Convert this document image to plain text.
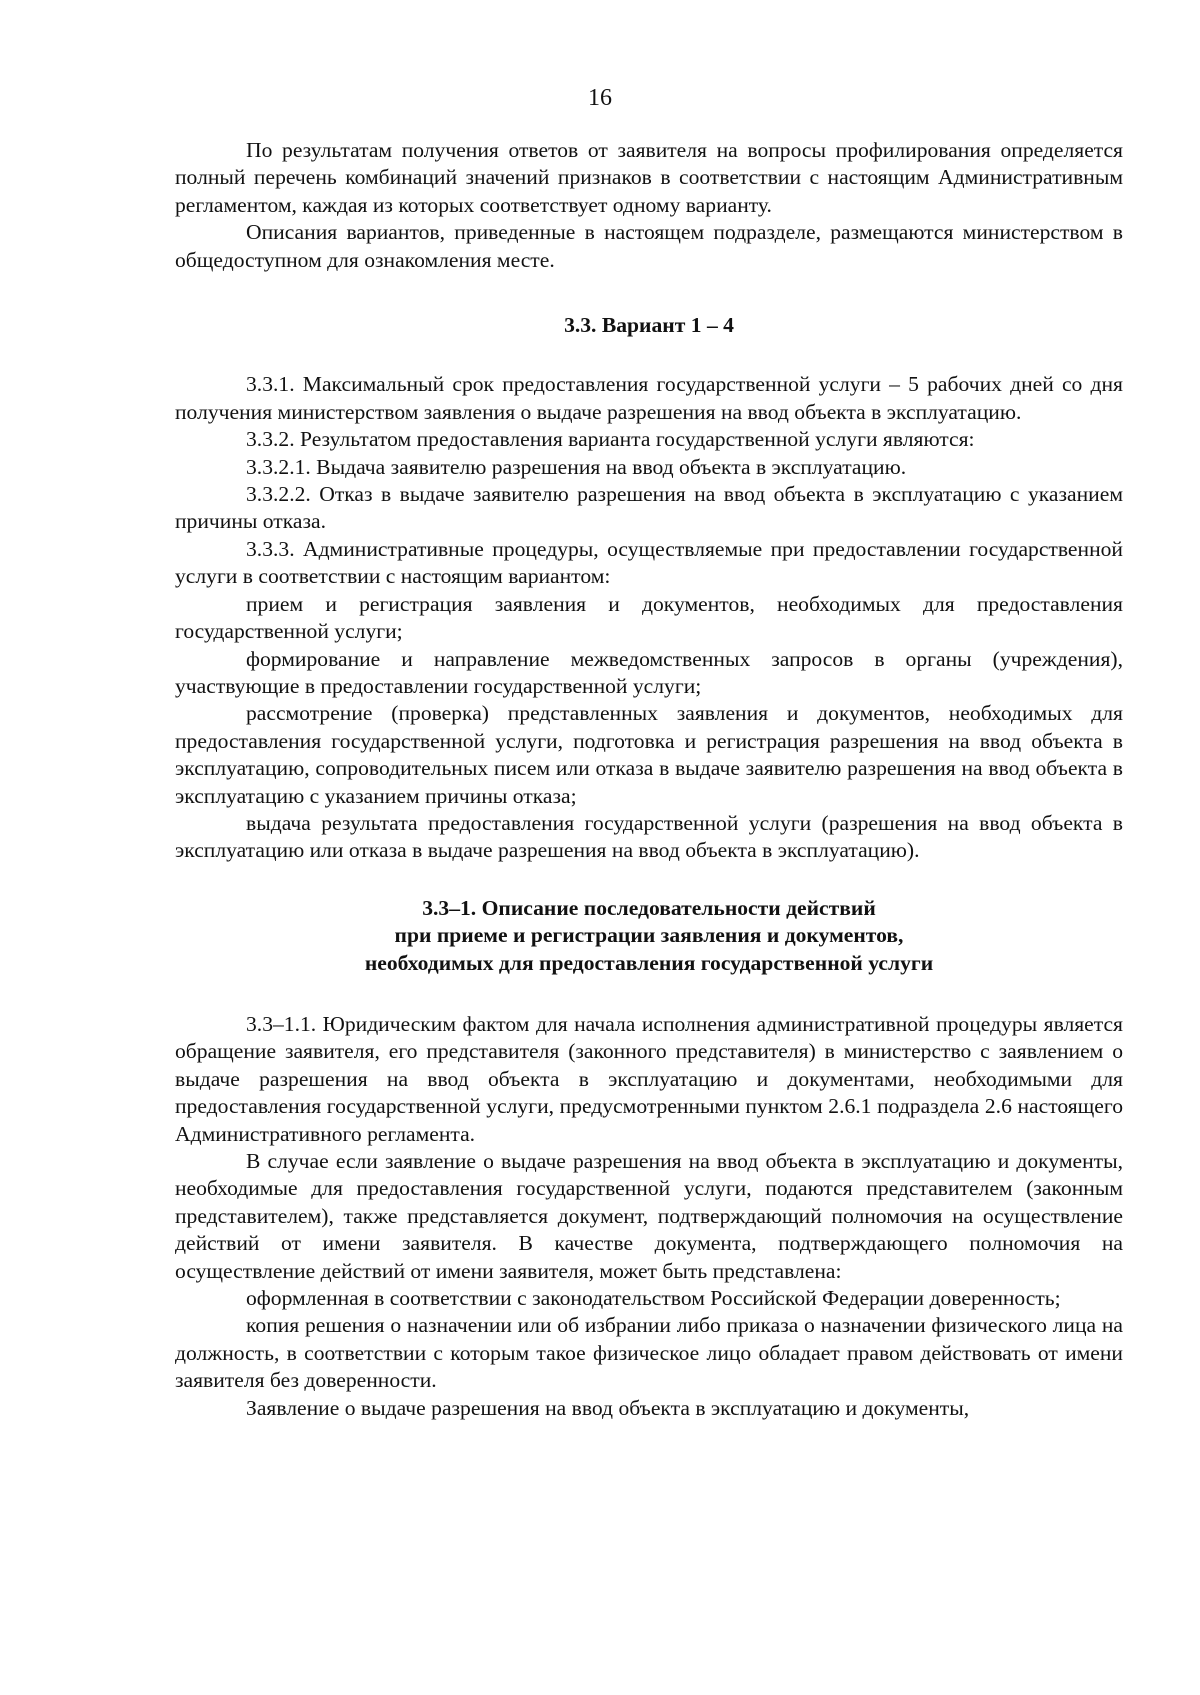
16

По результатам получения ответов от заявителя на вопросы профилирования определяется полный перечень комбинаций значений признаков в соответствии с настоящим Административным регламентом, каждая из которых соответствует одному варианту.

Описания вариантов, приведенные в настоящем подразделе, размещаются министерством в общедоступном для ознакомления месте.

3.3. Вариант 1 – 4

3.3.1. Максимальный срок предоставления государственной услуги – 5 рабочих дней со дня получения министерством заявления о выдаче разрешения на ввод объекта в эксплуатацию.

3.3.2. Результатом предоставления варианта государственной услуги являются:

3.3.2.1. Выдача заявителю разрешения на ввод объекта в эксплуатацию.

3.3.2.2. Отказ в выдаче заявителю разрешения на ввод объекта в эксплуатацию с указанием причины отказа.

3.3.3. Административные процедуры, осуществляемые при предоставлении государственной услуги в соответствии с настоящим вариантом:

прием и регистрация заявления и документов, необходимых для предоставления государственной услуги;

формирование и направление межведомственных запросов в органы (учреждения), участвующие в предоставлении государственной услуги;

рассмотрение (проверка) представленных заявления и документов, необходимых для предоставления государственной услуги, подготовка и регистрация разрешения на ввод объекта в эксплуатацию, сопроводительных писем или отказа в выдаче заявителю разрешения на ввод объекта в эксплуатацию с указанием причины отказа;

выдача результата предоставления государственной услуги (разрешения на ввод объекта в эксплуатацию или отказа в выдаче разрешения на ввод объекта в эксплуатацию).

3.3–1. Описание последовательности действий
при приеме и регистрации заявления и документов,
необходимых для предоставления государственной услуги

3.3–1.1. Юридическим фактом для начала исполнения административной процедуры является обращение заявителя, его представителя (законного представителя) в министерство с заявлением о выдаче разрешения на ввод объекта в эксплуатацию и документами, необходимыми для предоставления государственной услуги, предусмотренными пунктом 2.6.1 подраздела 2.6 настоящего Административного регламента.

В случае если заявление о выдаче разрешения на ввод объекта в эксплуатацию и документы, необходимые для предоставления государственной услуги, подаются представителем (законным представителем), также представляется документ, подтверждающий полномочия на осуществление действий от имени заявителя. В качестве документа, подтверждающего полномочия на осуществление действий от имени заявителя, может быть представлена:

оформленная в соответствии с законодательством Российской Федерации доверенность;

копия решения о назначении или об избрании либо приказа о назначении физического лица на должность, в соответствии с которым такое физическое лицо обладает правом действовать от имени заявителя без доверенности.

Заявление о выдаче разрешения на ввод объекта в эксплуатацию и документы,
